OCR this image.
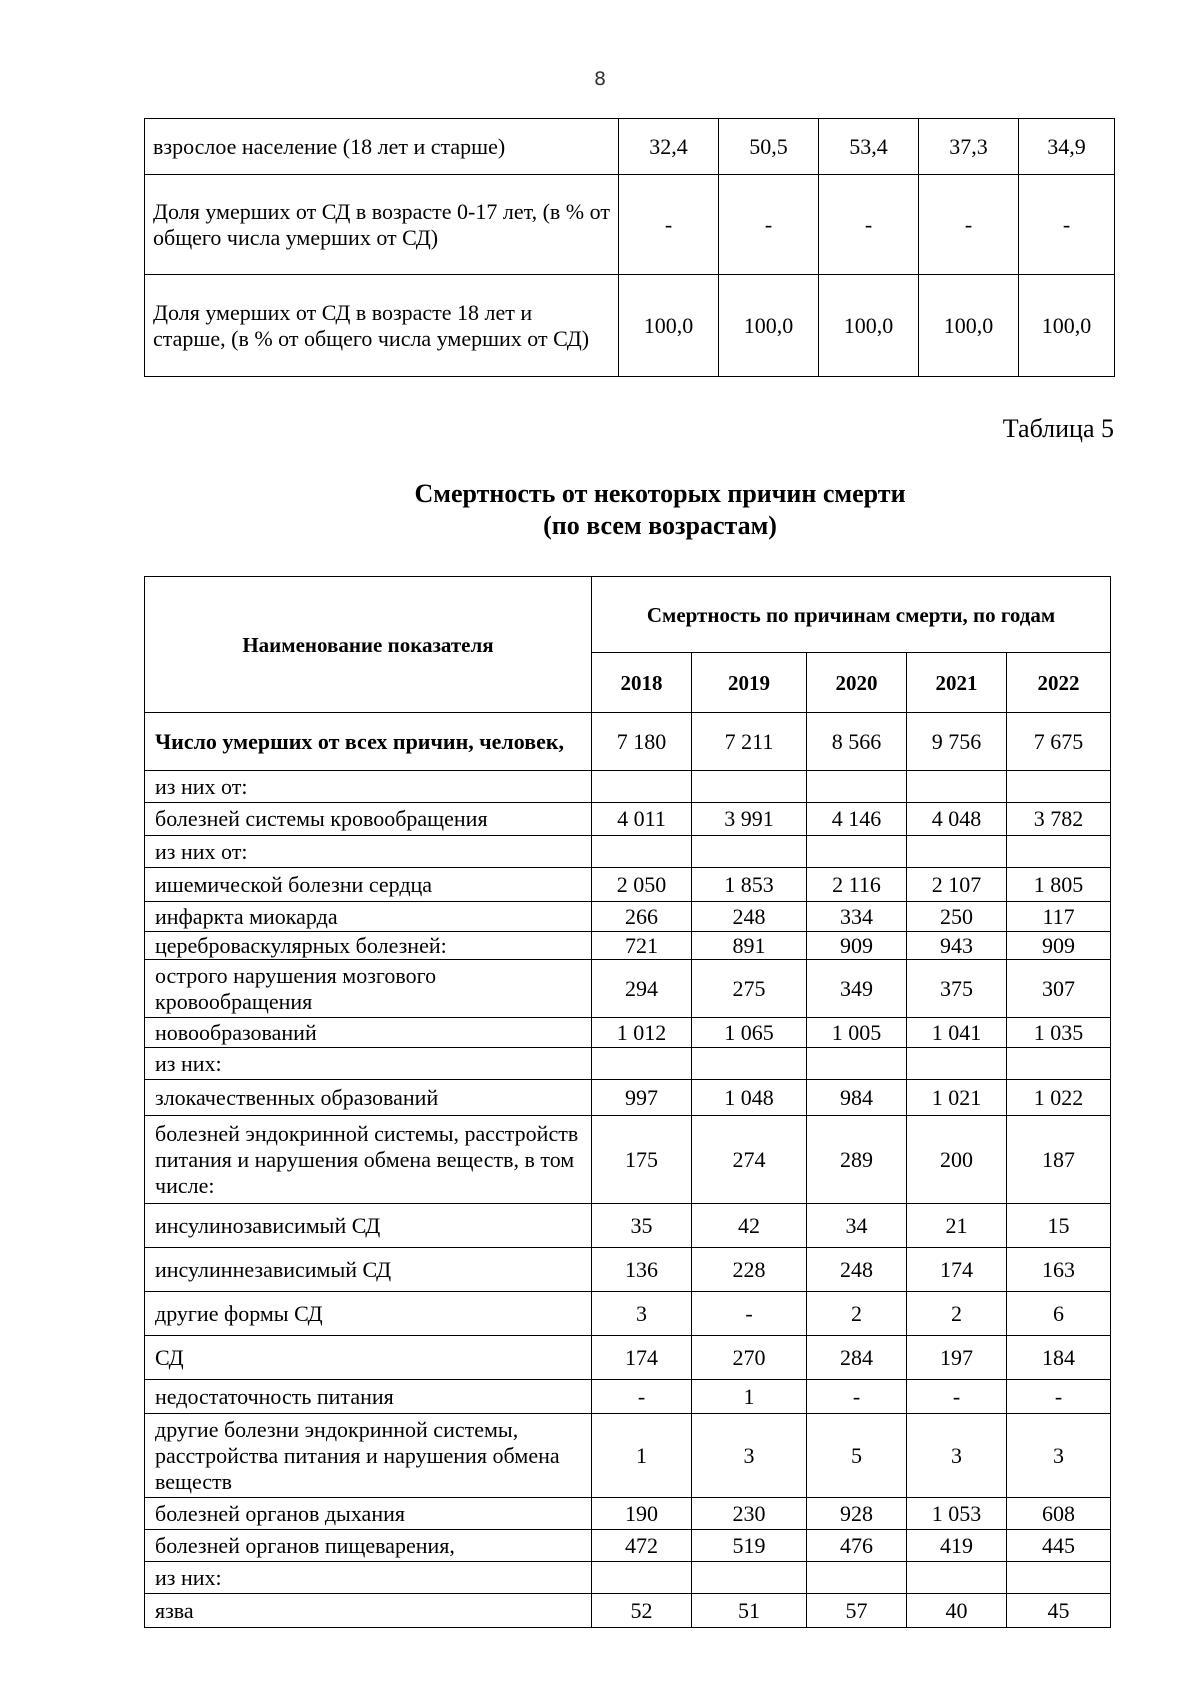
8
взрослое население (18 лет и старше)	32,4	50,5	53,4	37,3	34,9
Доля умерших от СД в возрасте 0-17 лет, (в % от общего числа умерших от СД)	-	-	-	-	-
Доля умерших от СД в возрасте 18 лет и старше, (в % от общего числа умерших от СД)	100,0	100,0	100,0	100,0	100,0
Таблица 5
Смертность от некоторых причин смерти
(по всем возрастам)
Наименование показателя	Смертность по причинам смерти, по годам				
	2018	2019	2020	2021	2022
Число умерших от всех причин, человек,	7 180	7 211	8 566	9 756	7 675
из них от:					
болезней системы кровообращения	4 011	3 991	4 146	4 048	3 782
из них от:					
ишемической болезни сердца	2 050	1 853	2 116	2 107	1 805
инфаркта миокарда	266	248	334	250	117
цереброваскулярных болезней:	721	891	909	943	909
острого нарушения мозгового кровообращения	294	275	349	375	307
новообразований	1 012	1 065	1 005	1 041	1 035
из них:					
злокачественных образований	997	1 048	984	1 021	1 022
болезней эндокринной системы, расстройств питания и нарушения обмена веществ, в том числе:	175	274	289	200	187
инсулинозависимый СД	35	42	34	21	15
инсулиннезависимый СД	136	228	248	174	163
другие формы СД	3	-	2	2	6
СД	174	270	284	197	184
недостаточность питания	-	1	-	-	-
другие болезни эндокринной системы, расстройства питания и нарушения обмена веществ	1	3	5	3	3
болезней органов дыхания	190	230	928	1 053	608
болезней органов пищеварения,	472	519	476	419	445
из них:					
язва	52	51	57	40	45
